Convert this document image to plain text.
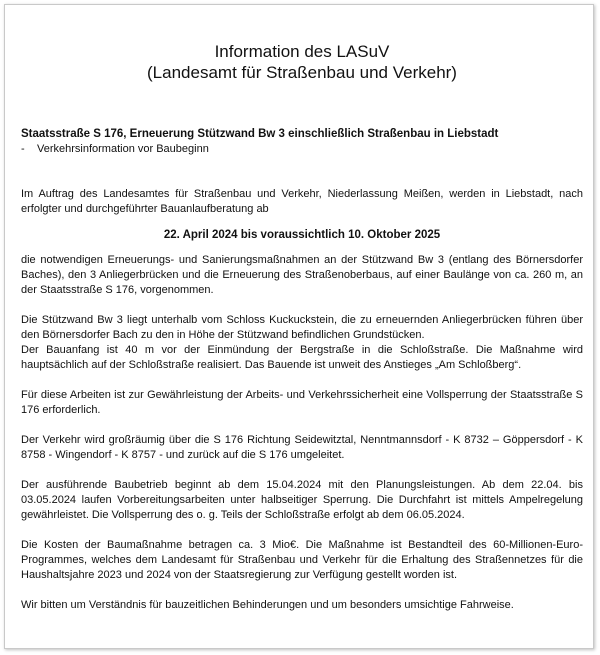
Information des LASuV
(Landesamt für Straßenbau und Verkehr)
Staatsstraße S 176, Erneuerung Stützwand Bw 3 einschließlich Straßenbau in Liebstadt
-	Verkehrsinformation vor Baubeginn

Im Auftrag des Landesamtes für Straßenbau und Verkehr, Niederlassung Meißen, werden in Liebstadt, nach erfolgter und durchgeführter Bauanlaufberatung ab

22. April 2024 bis voraussichtlich 10. Oktober 2025

die notwendigen Erneuerungs- und Sanierungsmaßnahmen an der Stützwand Bw 3 (entlang des Börnersdorfer Baches), den 3 Anliegerbrücken und die Erneuerung des Straßenoberbaus, auf einer Baulänge von ca. 260 m, an der Staatsstraße S 176, vorgenommen.

Die Stützwand Bw 3 liegt unterhalb vom Schloss Kuckuckstein, die zu erneuernden Anliegerbrücken führen über den Börnersdorfer Bach zu den in Höhe der Stützwand befindlichen Grundstücken.

Der Bauanfang ist 40 m vor der Einmündung der Bergstraße in die Schloßstraße. Die Maßnahme wird hauptsächlich auf der Schloßstraße realisiert. Das Bauende ist unweit des Anstieges „Am Schloßberg“.

Für diese Arbeiten ist zur Gewährleistung der Arbeits- und Verkehrssicherheit eine Vollsperrung der Staatsstraße S 176 erforderlich.

Der Verkehr wird großräumig über die S 176 Richtung Seidewitztal, Nenntmannsdorf - K 8732 – Göppersdorf - K 8758 - Wingendorf - K 8757 - und zurück auf die S 176 umgeleitet.

Der ausführende Baubetrieb beginnt ab dem 15.04.2024 mit den Planungsleistungen. Ab dem 22.04. bis 03.05.2024 laufen Vorbereitungsarbeiten unter halbseitiger Sperrung. Die Durchfahrt ist mittels Ampelregelung gewährleistet. Die Vollsperrung des o. g. Teils der Schloßstraße erfolgt ab dem 06.05.2024.

Die Kosten der Baumaßnahme betragen ca. 3 Mio€. Die Maßnahme ist Bestandteil des 60-Millionen-Euro-Programmes, welches dem Landesamt für Straßenbau und Verkehr für die Erhaltung des Straßennetzes für die Haushaltsjahre 2023 und 2024 von der Staatsregierung zur Verfügung gestellt worden ist.

Wir bitten um Verständnis für bauzeitlichen Behinderungen und um besonders umsichtige Fahrweise.
